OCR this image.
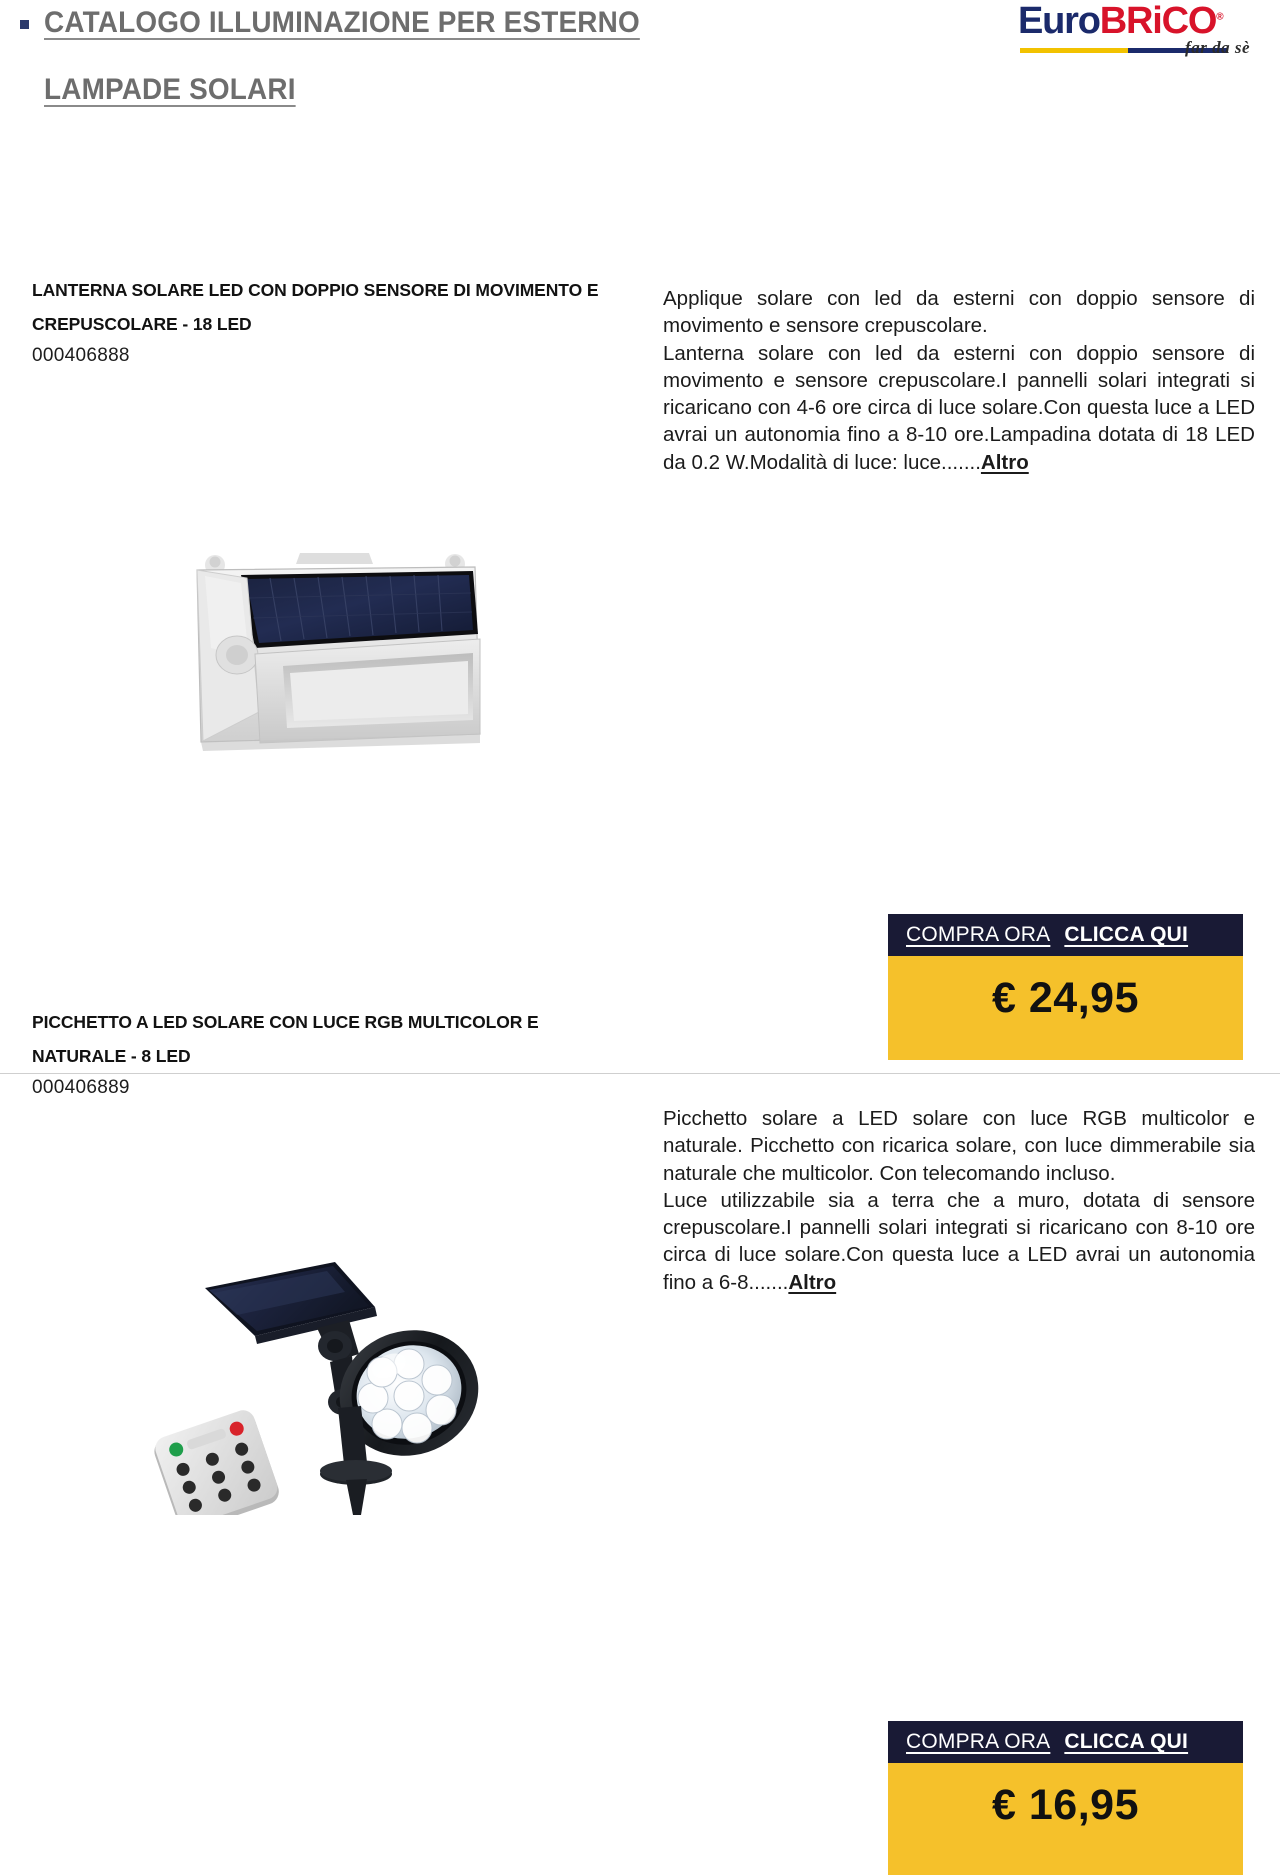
CATALOGO ILLUMINAZIONE PER ESTERNO
LAMPADE SOLARI
EuroBRiCO®
far da sè
LANTERNA SOLARE LED CON DOPPIO SENSORE DI MOVIMENTO E CREPUSCOLARE - 18 LED
000406888

Applique solare con led da esterni con doppio sensore di movimento e sensore crepuscolare.

Lanterna solare con led da esterni con doppio sensore di movimento e sensore crepuscolare.I pannelli solari integrati si ricaricano con 4-6 ore circa di luce solare.Con questa luce a LED avrai un autonomia fino a 8-10 ore.Lampadina dotata di 18 LED da 0.2 W.Modalità di luce: luce.......Altro

COMPRA ORA CLICCA QUI
€ 24,95
PICCHETTO A LED SOLARE CON LUCE RGB MULTICOLOR E NATURALE - 8 LED
000406889

Picchetto solare a LED solare con luce RGB multicolor e naturale. Picchetto con ricarica solare, con luce dimmerabile sia naturale che multicolor. Con telecomando incluso.

Luce utilizzabile sia a terra che a muro, dotata di sensore crepuscolare.I pannelli solari integrati si ricaricano con 8-10 ore circa di luce solare.Con questa luce a LED avrai un autonomia fino a 6-8.......Altro

COMPRA ORA CLICCA QUI
€ 16,95
